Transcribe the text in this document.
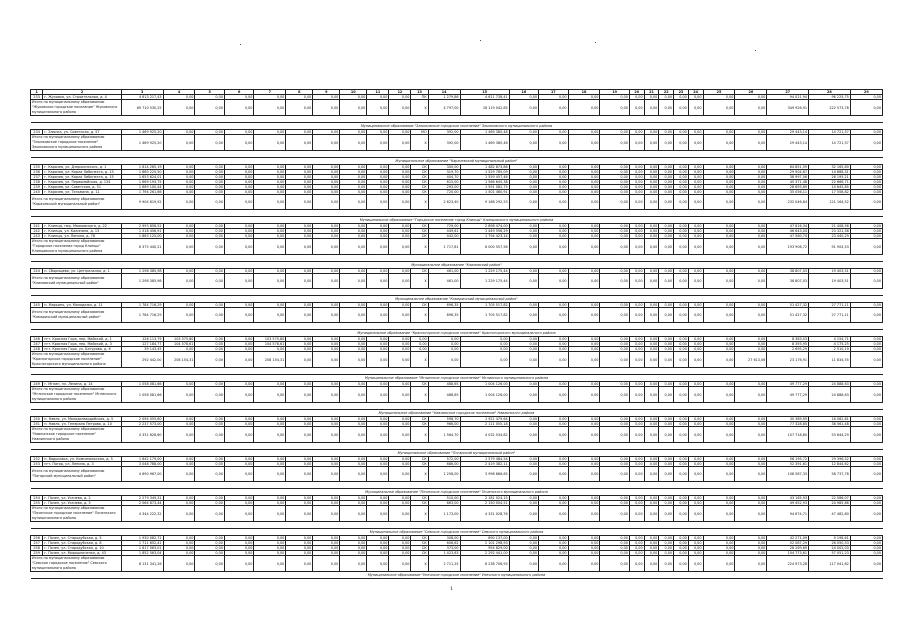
1	2	3	4	5	6	7	8	9	10	11	12	13	14	15	16	17	18	19	20	21	22	23	24	25	26	27	28	29
233	г. Жуковка, ул. Строительная, д. 4	4 613 217,43	0,00	0,00	0,00	0,00	0,00	0,00	0,00	0,00	0,00	ПК	1 279,86	4 611 738,41	0,00	0,00	0,00	0,00	0,00	0,00	0,00	0,00	0,00	0,00	0,00	94 021,94	96 225,75	0,00
Итого по муниципальному образованию "Жуковское городское поселение" Жуковского муниципального района		69 710 530,25	0,00	0,00	0,00	0,00	0,00	0,00	0,00	0,00	0,00	Х	4 797,00	18 119 042,85	0,00	0,00	0,00	0,00	0,00	0,00	0,00	0,00	0,00	0,00	0,00	349 926,91	222 573,78	0,00

Муниципальное образование "Злынковское городское поселение" Злынковского муниципального района																												
234	г. Злынка, ул. Советская, д. 57	1 469 925,20	0,00	0,00	0,00	0,00	0,00	0,00	0,00	0,00	0,00	МО	392,00	1 469 380,48	0,00	0,00	0,00	0,00	0,00	0,00	0,00	0,00	0,00	0,00	0,00	29 443,14	14 721,57	0,00
Итого по муниципальному образованию "Злынковское городское поселение" Злынковского муниципального района		1 469 925,20	0,00	0,00	0,00	0,00	0,00	0,00	0,00	0,00	0,00	Х	392,00	1 469 380,48	0,00	0,00	0,00	0,00	0,00	0,00	0,00	0,00	0,00	0,00	0,00	29 443,14	14 721,57	0,00

Муниципальное образование "Карачевский муниципальный район"																												
235	г. Карачев, ул. Дзержинского, д. 1	1 614 265,19	0,00	0,00	0,00	0,00	0,00	0,00	0,00	0,00	0,00	СК	300,00	1 482 873,86	0,00	0,00	0,00	0,00	0,00	0,00	0,00	0,00	0,00	0,00	0,00	64 851,59	32 165,80	0,00
236	г. Карачев, ул. Карла Либкнехта, д. 13	1 660 225,50	0,00	0,00	0,00	0,00	0,00	0,00	0,00	0,00	0,00	СК	319,70	1 529 785,09	0,00	0,00	0,00	0,00	0,00	0,00	0,00	0,00	0,00	0,00	0,00	29 904,67	14 868,31	0,00
237	г. Карачев, ул. Карла Либкнехта, д. 15	1 653 624,01	0,00	0,00	0,00	0,00	0,00	0,00	0,00	0,00	0,00	СК	404,70	1 559 457,46	0,00	0,00	0,00	0,00	0,00	0,00	0,00	0,00	0,00	0,00	0,00	38 997,06	26 195,21	0,00
238	г. Карачев, ул. Первомайская, д. 134	1 669 193,75	0,00	0,00	0,00	0,00	0,00	0,00	0,00	0,00	0,00	СК	615,00	1 566 645,38	0,00	0,00	0,00	0,00	0,00	0,00	0,00	0,00	0,00	0,00	0,00	45 371,48	22 666,71	0,00
239	г. Карачев, ул. Советская, д. 51	1 689 100,44	0,00	0,00	0,00	0,00	0,00	0,00	0,00	0,00	0,00	СК	293,00	1 591 082,75	0,00	0,00	0,00	0,00	0,00	0,00	0,00	0,00	0,00	0,00	0,00	28 693,89	14 645,85	0,00
240	г. Карачев, ул. Тельмана, д. 11	1 794 261,66	0,00	0,00	0,00	0,00	0,00	0,00	0,00	0,00	0,00	СК	720,00	1 501 460,91	0,00	0,00	0,00	0,00	0,00	0,00	0,00	0,00	0,00	0,00	0,00	35 056,11	17 558,82	0,00
Итого по муниципальному образованию "Карачевский муниципальный район"		9 904 619,92	0,00	0,00	0,00	0,00	0,00	0,00	0,00	0,00	0,00	Х	2 623,40	9 168 292,53	0,00	0,00	0,00	0,00	0,00	0,00	0,00	0,00	0,00	0,00	0,00	232 046,64	121 164,52	0,00

Муниципальное образование "Городское поселение город Клинцы" Клинцовского муниципального района																												
241	г. Клинцы, пер. Маяковского, д. 22	2 993 858,52	0,00	0,00	0,00	0,00	0,00	0,00	0,00	0,00	0,00	СК	729,00	2 898 474,00	0,00	0,00	0,00	0,00	0,00	0,00	0,00	0,00	0,00	0,00	0,00	47 616,34	21 408,56	0,00
242	г. Клинцы, ул. Калинина, д. 13	1 518 456,91	0,00	0,00	0,00	0,00	0,00	0,00	0,00	0,00	0,00	СК	449,61	1 449 596,29	0,00	0,00	0,00	0,00	0,00	0,00	0,00	0,00	0,00	0,00	0,00	46 643,04	23 321,58	0,00
243	г. Клинцы, ул. Ленина, д. 78	1 863 125,00	0,00	0,00	0,00	0,00	0,00	0,00	0,00	0,00	0,00	СК	442,00	1 794 423,14	0,00	0,00	0,00	0,00	0,00	0,00	0,00	0,00	0,00	0,00	0,00	47 560,74	23 440,29	0,00
Итого по муниципальному образованию "Городское поселение город Клинцы" Клинцовского муниципального района		6 375 440,21	0,00	0,00	0,00	0,00	0,00	0,00	0,00	0,00	0,00	Х	1 717,81	6 000 557,56	0,00	0,00	0,00	0,00	0,00	0,00	0,00	0,00	0,00	0,00	0,00	193 906,72	91 904,53	0,00

Муниципальное образование "Климовский район"																												
244	п. Сборищево, ул. Центральная, д. 1	1 298 385,98	0,00	0,00	0,00	0,00	0,00	0,00	0,00	0,00	0,00	СК	461,00	1 229 175,44	0,00	0,00	0,00	0,00	0,00	0,00	0,00	0,00	0,00	0,00	0,00	38 807,03	19 403,51	0,00
Итого по муниципальному образованию "Климовский муниципальный район"		1 298 385,98	0,00	0,00	0,00	0,00	0,00	0,00	0,00	0,00	0,00	Х	461,00	1 229 175,44	0,00	0,00	0,00	0,00	0,00	0,00	0,00	0,00	0,00	0,00	0,00	38 807,03	19 403,51	0,00

Муниципальное образование "Комаричский муниципальный район"																												
245	п. Марьино, ул. Молодежи, д. 11	1 784 716,29	0,00	0,00	0,00	0,00	0,00	0,00	0,00	0,00	0,00	СК	696,35	1 705 517,82	0,00	0,00	0,00	0,00	0,00	0,00	0,00	0,00	0,00	0,00	0,00	51 427,32	27 771,11	0,00
Итого по муниципальному образованию "Комаричский муниципальный район"		1 784 716,29	0,00	0,00	0,00	0,00	0,00	0,00	0,00	0,00	0,00	Х	696,35	1 705 517,82	0,00	0,00	0,00	0,00	0,00	0,00	0,00	0,00	0,00	0,00	0,00	51 427,32	27 771,11	0,00

Муниципальное образование "Красногорское городское поселение" Красногорского муниципального района																												
246	пгт. Красная Гора, пер. Майский, д. 1	126 113,79	103 575,80	0,00	0,00	103 575,80	0,00	0,00	0,00	0,00	0,00	0,00	0,00	0,00	0,00	0,00	0,00	0,00	0,00	0,00	0,00	0,00	0,00	0,00	0,00	8 383,53	4 154,71	0,00
247	пгт. Красная Гора, пер. Майский, д. 3	127 184,77	104 578,61	0,00	0,00	104 578,61	0,00	0,00	0,00	0,00	0,00	0,00	0,00	0,00	0,00	0,00	0,00	0,00	0,00	0,00	0,00	0,00	0,00	0,00	0,00	8 393,95	4 175,25	0,00
248	пгт. Красная Гора, ул. Батурова, д. 6	39 143,45	0,00	0,00	0,00	0,00	0,00	0,00	0,00	0,00	0,00	0,00	0,00	0,00	0,00	0,00	0,00	0,00	0,00	0,00	0,00	0,00	0,00	0,00	0,00	2 695,29	2 510,19	0,00
Итого по муниципальному образованию "Красногорское городское поселение" Красногорского муниципального района		292 442,00	208 154,31	0,00	0,00	208 154,31	0,00	0,00	0,00	0,00	0,00	Х	0,00	0,00	0,00	0,00	0,00	0,00	0,00	0,00	0,00	0,00	0,00	0,00	27 613,06	23 176,91	11 834,55	0,00

Муниципальное образование "Мглинское городское поселение" Мглинского муниципального района																												
249	г. Мглин, пл. Ленина, д. 14	1 058 081,66	0,00	0,00	0,00	0,00	0,00	0,00	0,00	0,00	0,00	СК	488,65	1 004 126,00	0,00	0,00	0,00	0,00	0,00	0,00	0,00	0,00	0,00	0,00	0,00	49 777,29	24 888,63	0,00
Итого по муниципальному образованию "Мглинское городское поселение" Мглинского муниципального района		1 058 081,66	0,00	0,00	0,00	0,00	0,00	0,00	0,00	0,00	0,00	Х	488,65	1 004 126,00	0,00	0,00	0,00	0,00	0,00	0,00	0,00	0,00	0,00	0,00	0,00	49 777,29	24 888,63	0,00

Муниципальное образование "Навлинское городское поселение" Навлинского района																												
250	п. Навля, ул. Молодогвардейская, д. 5	2 094 055,60	0,00	0,00	0,00	0,00	0,00	0,00	0,00	0,00	0,00	СК	598,70	1 921 479,64	0,00	0,00	0,00	0,00	0,00	0,00	0,00	0,00	0,00	0,00	0,00	30 389,95	16 082,81	0,00
251	п. Навля, ул. Генерала Петрова, д. 10	2 237 573,00	0,00	0,00	0,00	0,00	0,00	0,00	0,00	0,00	0,00	СК	966,00	2 111 055,18	0,00	0,00	0,00	0,00	0,00	0,00	0,00	0,00	0,00	0,00	0,00	77 328,85	38 561,48	0,00
Итого по муниципальному образованию "Навлинское городское поселение" Навлинского района		4 331 628,60	0,00	0,00	0,00	0,00	0,00	0,00	0,00	0,00	0,00	Х	1 564,70	4 032 534,82	0,00	0,00	0,00	0,00	0,00	0,00	0,00	0,00	0,00	0,00	0,00	107 718,80	53 644,29	0,00

Муниципальное образование "Погарский муниципальный район"																												
252	п. Вадьковка, ул. Комсомольская, д. 5	1 642 179,00	0,00	0,00	0,00	0,00	0,00	0,00	0,00	0,00	0,00	СК	572,00	1 579 484,54	0,00	0,00	0,00	0,00	0,00	0,00	0,00	0,00	0,00	0,00	0,00	56 195,72	29 396,52	0,00
253	пгт. Погар, ул. Ленина, д. 3	3 048 788,00	0,00	0,00	0,00	0,00	0,00	0,00	0,00	0,00	0,00	СК	686,00	2 419 382,11	0,00	0,00	0,00	0,00	0,00	0,00	0,00	0,00	0,00	0,00	0,00	52 391,61	12 844,62	0,00
Итого по муниципальному образованию "Погарский муниципальный район"		4 690 967,00	0,00	0,00	0,00	0,00	0,00	0,00	0,00	0,00	0,00	Х	1 258,00	3 998 866,65	0,00	0,00	0,00	0,00	0,00	0,00	0,00	0,00	0,00	0,00	0,00	108 587,33	58 737,78	0,00

Муниципальное образование "Почепское городское поселение" Почепского муниципального района																												
254	г. Почеп, ул. Усачева, д. 2	2 279 349,31	0,00	0,00	0,00	0,00	0,00	0,00	0,00	0,00	0,00	СК	510,00	2 181 024,15	0,00	0,00	0,00	0,00	0,00	0,00	0,00	0,00	0,00	0,00	0,00	43 165,93	22 586,07	0,00
255	г. Почеп, ул. Усачева, д. 5	2 064 873,44	0,00	0,00	0,00	0,00	0,00	0,00	0,00	0,00	0,00	СК	663,00	2 150 004,51	0,00	0,00	0,00	0,00	0,00	0,00	0,00	0,00	0,00	0,00	0,00	49 452,93	24 985,86	0,00
Итого по муниципальному образованию "Почепское городское поселение" Почепского муниципального района		4 344 222,32	0,00	0,00	0,00	0,00	0,00	0,00	0,00	0,00	0,00	Х	1 173,00	4 331 028,76	0,00	0,00	0,00	0,00	0,00	0,00	0,00	0,00	0,00	0,00	0,00	94 674,71	47 482,80	0,00

Муниципальное образование "Севское городское поселение" Севского муниципального района																												
256	г. Почеп, ул. Стародубская, д. 5	1 930 082,72	0,00	0,00	0,00	0,00	0,00	0,00	0,00	0,00	0,00	СК	308,00	890 137,00	0,00	0,00	0,00	0,00	0,00	0,00	0,00	0,00	0,00	0,00	0,00	42 271,09	9 198,61	0,00
257	г. Почеп, ул. Стародубская, д. 8	1 711 652,41	0,00	0,00	0,00	0,00	0,00	0,00	0,00	0,00	0,00	СК	606,62	2 101 298,93	0,00	0,00	0,00	0,00	0,00	0,00	0,00	0,00	0,00	0,00	0,00	52 087,29	26 050,53	0,00
258	г. Почеп, ул. Стародубская, д. 10	1 617 063,01	0,00	0,00	0,00	0,00	0,00	0,00	0,00	0,00	0,00	СК	373,00	954 829,00	0,00	0,00	0,00	0,00	0,00	0,00	0,00	0,00	0,00	0,00	0,00	28 269,69	24 002,03	0,00
259	г. Почеп, ул. Мирошниченко, д. 43	1 852 563,04	0,00	0,00	0,00	0,00	0,00	0,00	0,00	0,00	0,00	СК	1 423,63	2 292 441,00	0,00	0,00	0,00	0,00	0,00	0,00	0,00	0,00	0,00	0,00	0,00	104 773,61	57 051,23	0,00
Итого по муниципальному образованию "Севское городское поселение" Севского муниципального района		8 131 341,26	0,00	0,00	0,00	0,00	0,00	0,00	0,00	0,00	0,00	Х	2 711,25	6 238 706,93	0,00	0,00	0,00	0,00	0,00	0,00	0,00	0,00	0,00	0,00	0,00	224 973,28	117 041,62	0,00
Муниципальное образование "Унечское городское поселение" Унечского муниципального района																												
1
